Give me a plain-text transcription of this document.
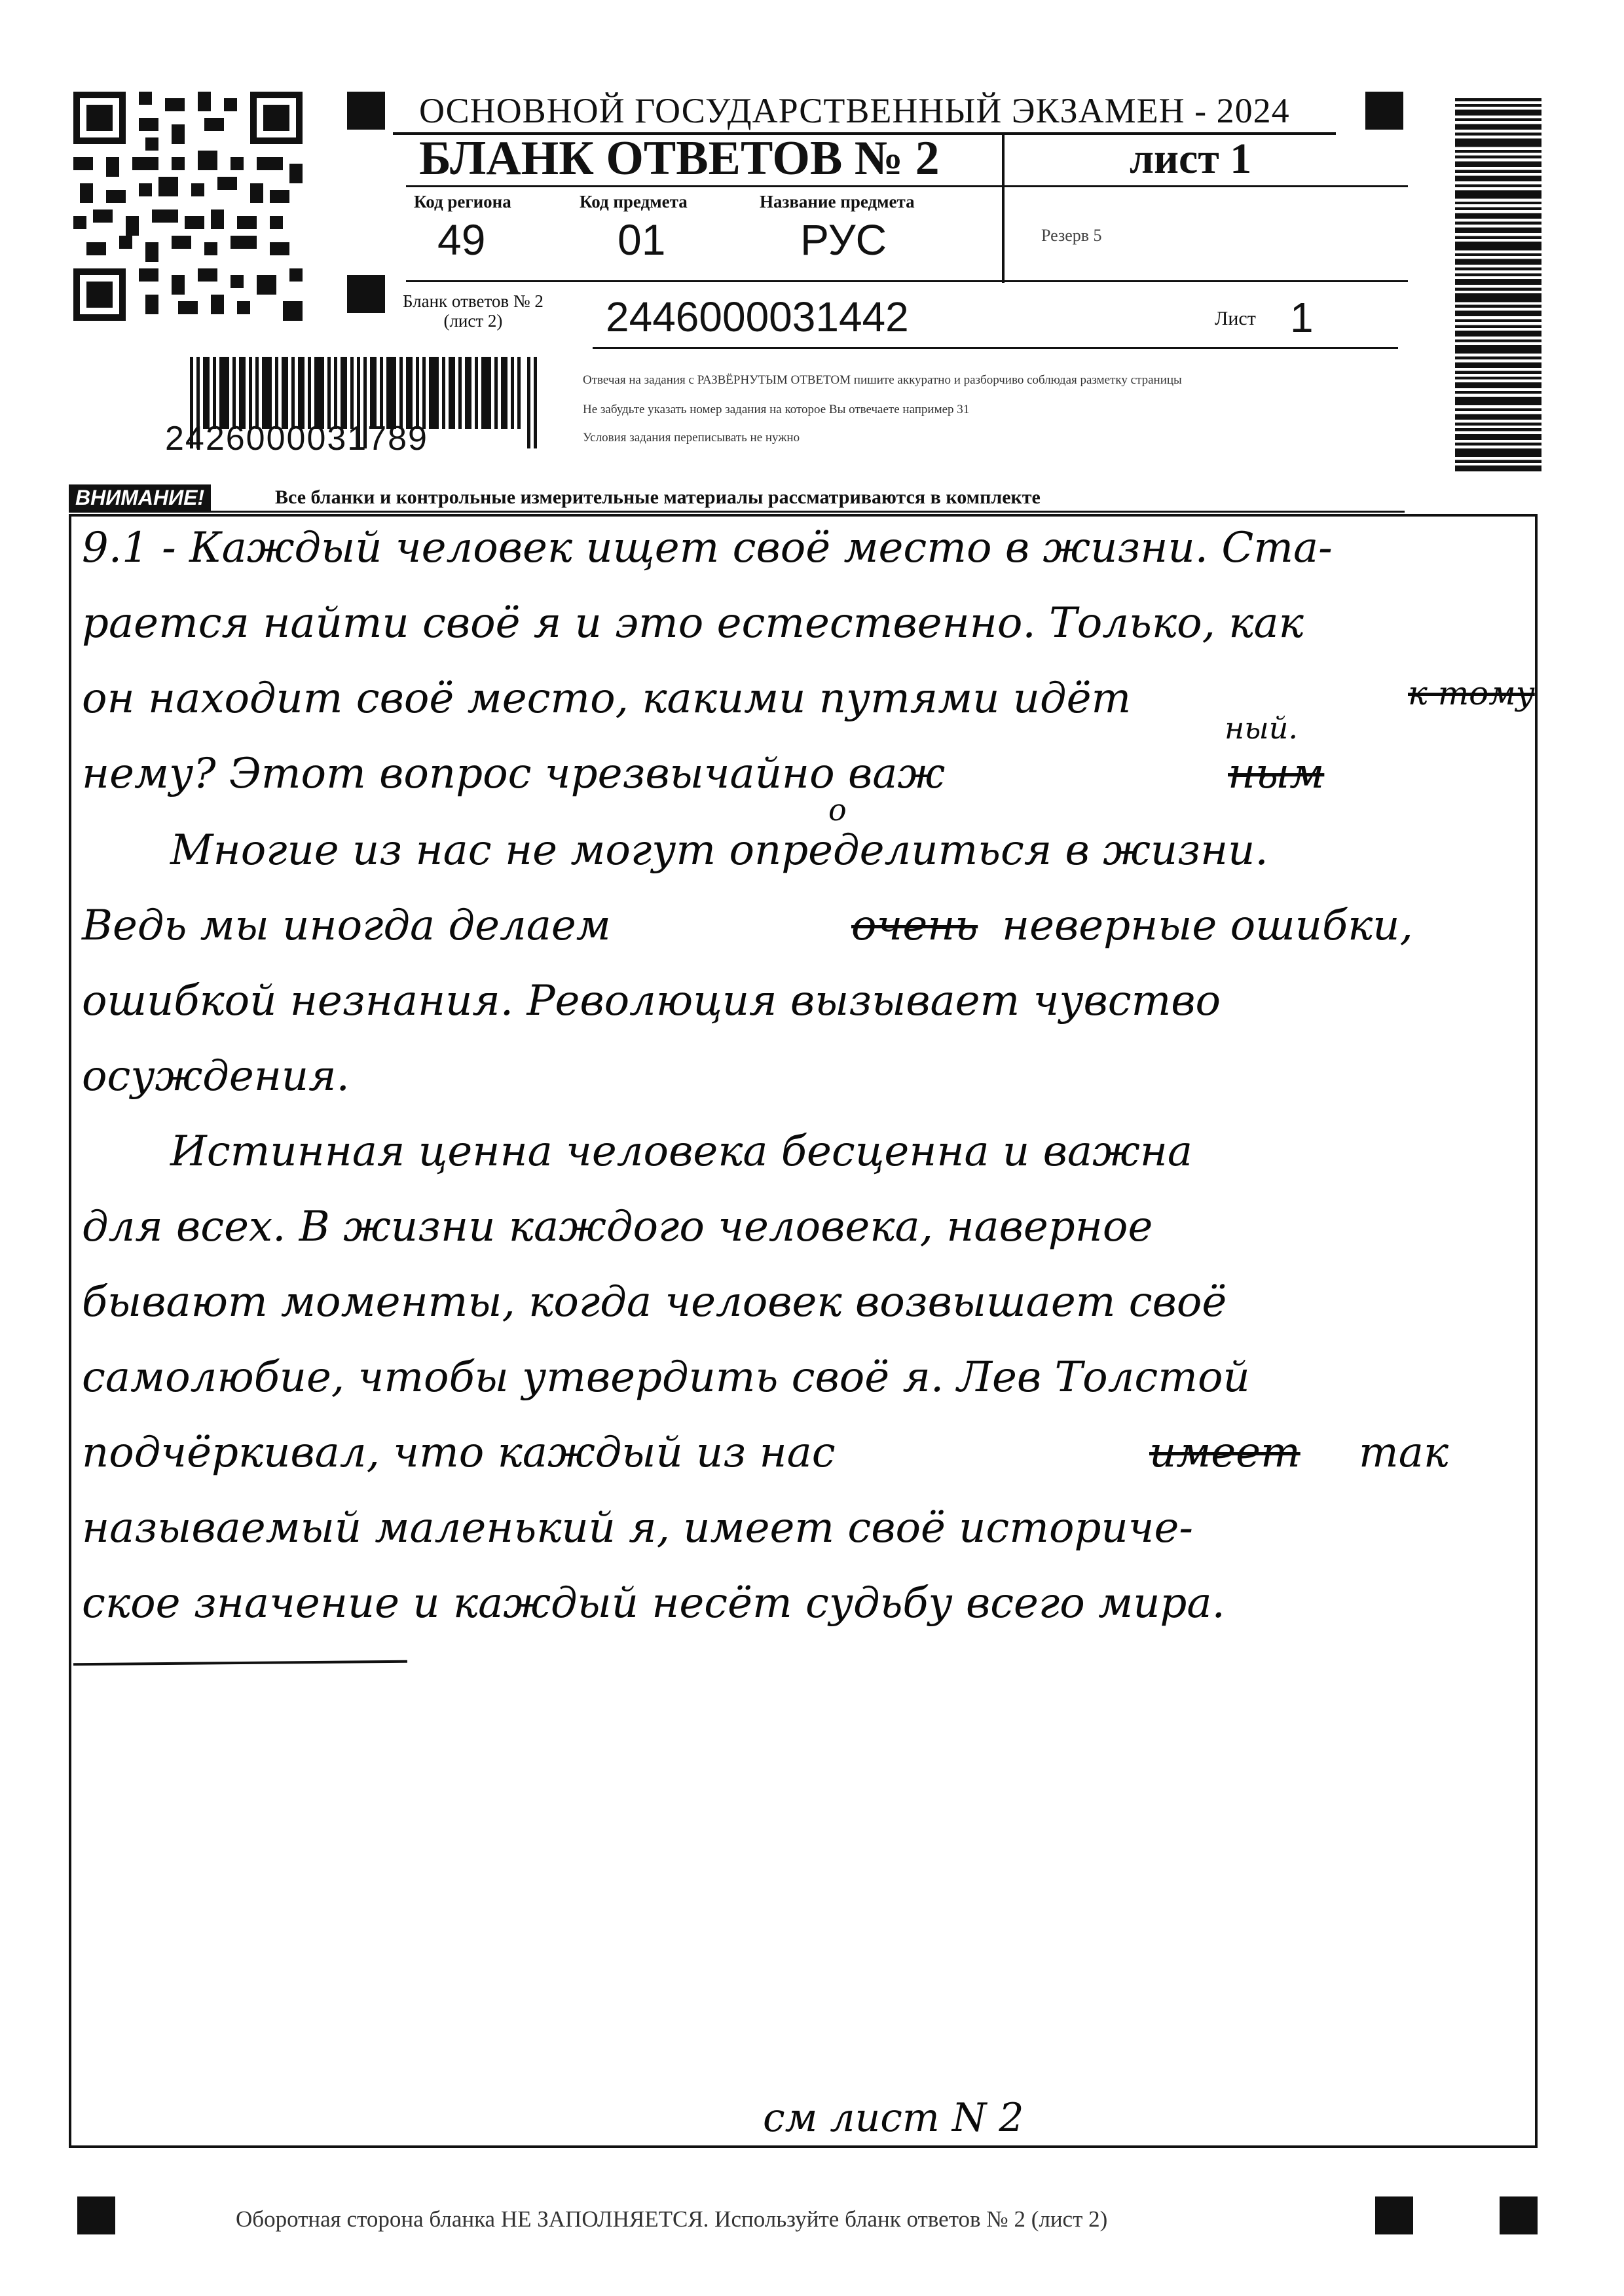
ОСНОВНОЙ ГОСУДАРСТВЕННЫЙ ЭКЗАМЕН - 2024
БЛАНК ОТВЕТОВ № 2	лист 1
Код региона
49
Код предмета
01
Название предмета
РУС	Резерв 5
Бланк ответов № 2
(лист 2)	2446000031442	Лист 1
Отвечая на задания с РАЗВЁРНУТЫМ ОТВЕТОМ пишите аккуратно и разборчиво соблюдая разметку страницы
Не забудьте указать номер задания на которое Вы отвечаете например 31
Условия задания переписывать не нужно
2426000031789
ВНИМАНИЕ!	Все бланки и контрольные измерительные материалы рассматриваются в комплекте
9.1 - Каждый человек ищет своё место в жизни. Ста-
рается найти своё я и это естественно. Только, как
он находит своё место, какими путями идёт	к тому
нему? Этот вопрос чрезвычайно важ
ный.
ным
о
Многие из нас не могут определиться в жизни.
Ведь мы иногда делаем	очень неверные ошибки,
ошибкой незнания. Революция вызывает чувство
осуждения.
Истинная ценна человека бесценна и важна
для всех. В жизни каждого человека, наверное
бывают моменты, когда человек возвышает своё
самолюбие, чтобы утвердить своё я. Лев Толстой
подчёркивал, что каждый из нас	имеет так
называемый маленький я, имеет своё историче-
ское значение и каждый несёт судьбу всего мира.
см лист N 2
Оборотная сторона бланка НЕ ЗАПОЛНЯЕТСЯ. Используйте бланк ответов № 2 (лист 2)
